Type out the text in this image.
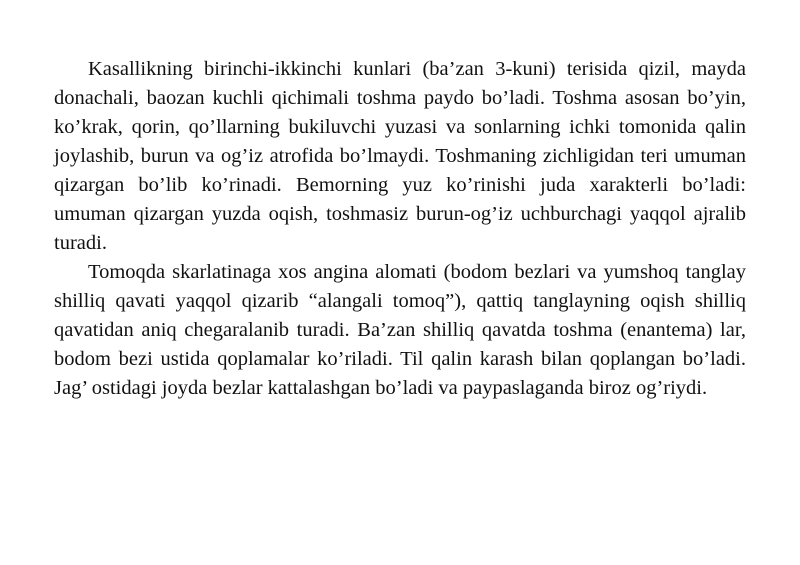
Kasallikning birinchi-ikkinchi kunlari (ba’zan 3-kuni) terisida qizil, mayda donachali, baozan kuchli qichimali toshma paydo bo’ladi. Toshma asosan bo’yin, ko’krak, qorin, qo’llarning bukiluvchi yuzasi va sonlarning ichki tomonida qalin joylashib, burun va og’iz atrofida bo’lmaydi. Toshmaning zichligidan teri umuman qizargan bo’lib ko’rinadi. Bemorning yuz ko’rinishi juda xarakterli bo’ladi: umuman qizargan yuzda oqish, toshmasiz burun-og’iz uchburchagi yaqqol ajralib turadi.

Tomoqda skarlatinaga xos angina alomati (bodom bezlari va yumshoq tanglay shilliq qavati yaqqol qizarib “alangali tomoq”), qattiq tanglayning oqish shilliq qavatidan aniq chegaralanib turadi. Ba’zan shilliq qavatda toshma (enantema) lar, bodom bezi ustida qoplamalar ko’riladi. Til qalin karash bilan qoplangan bo’ladi. Jag’ ostidagi joyda bezlar kattalashgan bo’ladi va paypaslaganda biroz og’riydi.
